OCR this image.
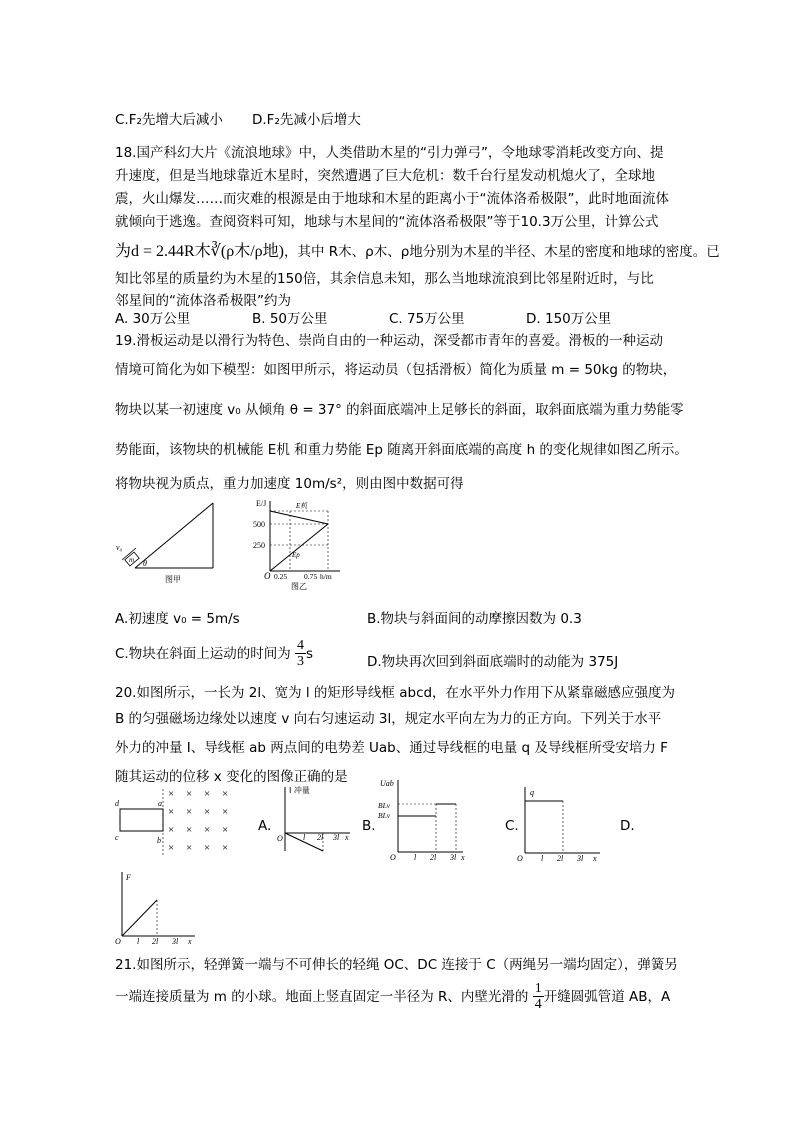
C.F₂先增大后减小 D.F₂先减小后增大
18.国产科幻大片《流浪地球》中，人类借助木星的“引力弹弓”，令地球零消耗改变方向、提
升速度，但是当地球靠近木星时，突然遭遇了巨大危机：数千台行星发动机熄火了，全球地
震，火山爆发……而灾难的根源是由于地球和木星的距离小于“流体洛希极限”，此时地面流体
就倾向于逃逸。查阅资料可知，地球与木星间的“流体洛希极限”等于10.3万公里，计算公式
为d = 2.44R木∛(ρ木/ρ地)，其中 R木、ρ木、ρ地分别为木星的半径、木星的密度和地球的密度。已
知比邻星的质量约为木星的150倍，其余信息未知，那么当地球流浪到比邻星附近时，与比
邻星间的“流体洛希极限”约为
A. 30万公里	B. 50万公里	C. 75万公里	D. 150万公里
19.滑板运动是以滑行为特色、崇尚自由的一种运动，深受都市青年的喜爱。滑板的一种运动
情境可简化为如下模型：如图甲所示，将运动员（包括滑板）简化为质量 m = 50kg 的物块，
物块以某一初速度 v₀ 从倾角 θ = 37° 的斜面底端冲上足够长的斜面，取斜面底端为重力势能零
势能面，该物块的机械能 E机 和重力势能 Ep 随离开斜面底端的高度 h 的变化规律如图乙所示。
将物块视为质点，重力加速度 10m/s²，则由图中数据可得
v₀
m θ
图甲
E/J
500
250
O 0.25 0.75 h/m
E机
Ep
图乙
A.初速度 v₀ = 5m/s	B.物块与斜面间的动摩擦因数为 0.3
C.物块在斜面上运动的时间为 $\frac{4}{3}$ s
D.物块再次回到斜面底端时的动能为 375J
20.如图所示，一长为 2l、宽为 l 的矩形导线框 abcd，在水平外力作用下从紧靠磁感应强度为
B 的匀强磁场边缘处以速度 v 向右匀速运动 3l，规定水平向左为力的正方向。下列关于水平
外力的冲量 I、导线框 ab 两点间的电势差 Uab、通过导线框的电量 q 及导线框所受安培力 F
随其运动的位移 x 变化的图像正确的是
d	a
c	b
× × × ×
× × × ×
× × × ×
× × × ×
A.
I 冲量
O	l 2l 3l x
B.
Uab
BLv
BLv
O l 2l 3l x
C.
q
O l 2l 3l x
D.
F
O l 2l 3l x
21.如图所示，轻弹簧一端与不可伸长的轻绳 OC、DC 连接于 C（两绳另一端均固定），弹簧另
一端连接质量为 m 的小球。地面上竖直固定一半径为 R、内壁光滑的 $\frac{1}{4}$ 开缝圆弧管道 AB，A
